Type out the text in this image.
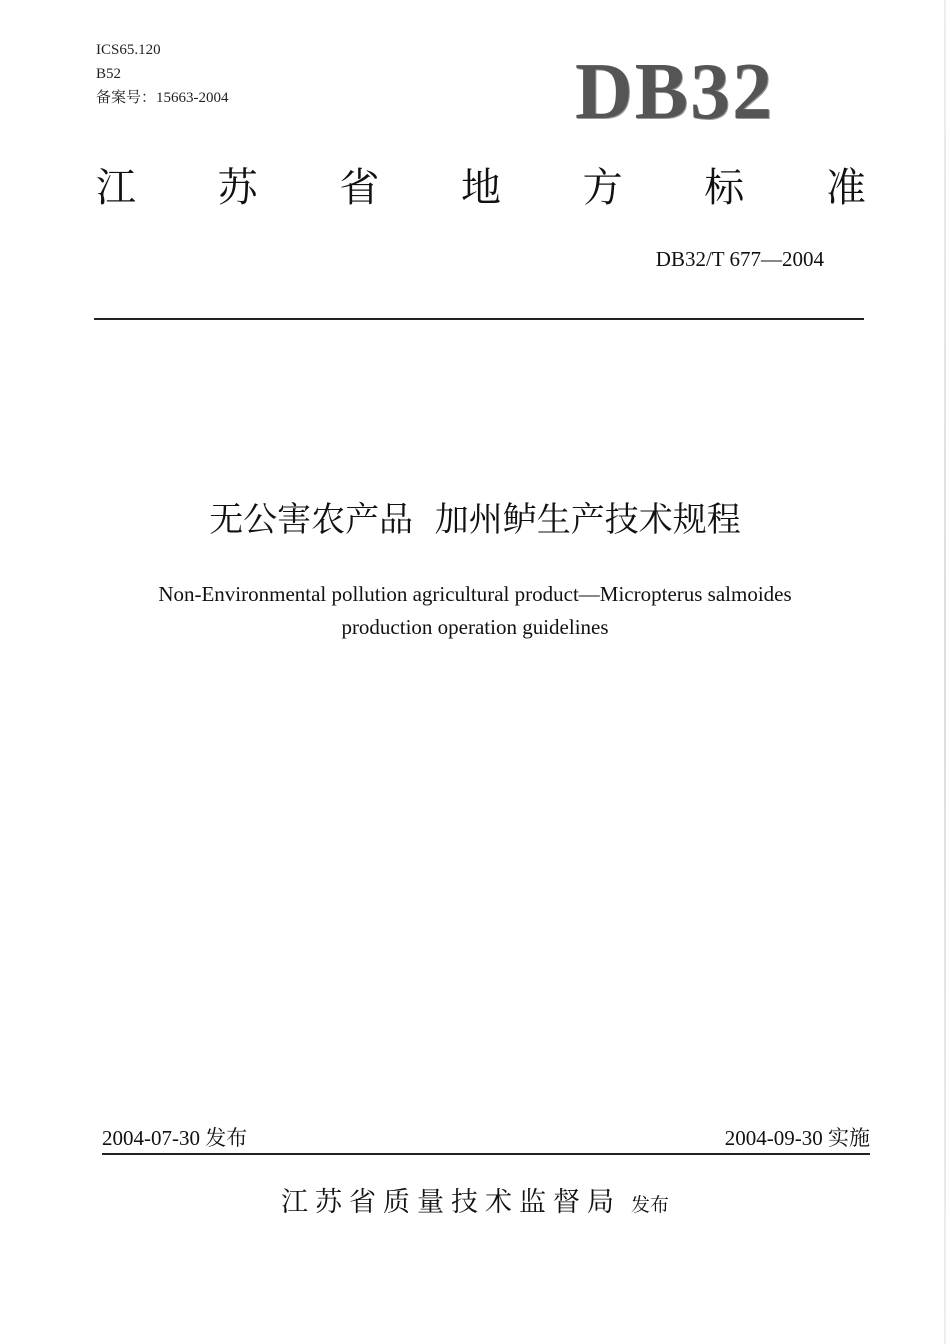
ICS65.120
B52
备案号：15663-2004	DB32
江 苏 省 地 方 标 准
DB32/T 677—2004
无公害农产品  加州鲈生产技术规程
Non-Environmental pollution agricultural product—Micropterus salmoides
production operation guidelines
2004-07-30 发布	2004-09-30 实施
江苏省质量技术监督局 发布
